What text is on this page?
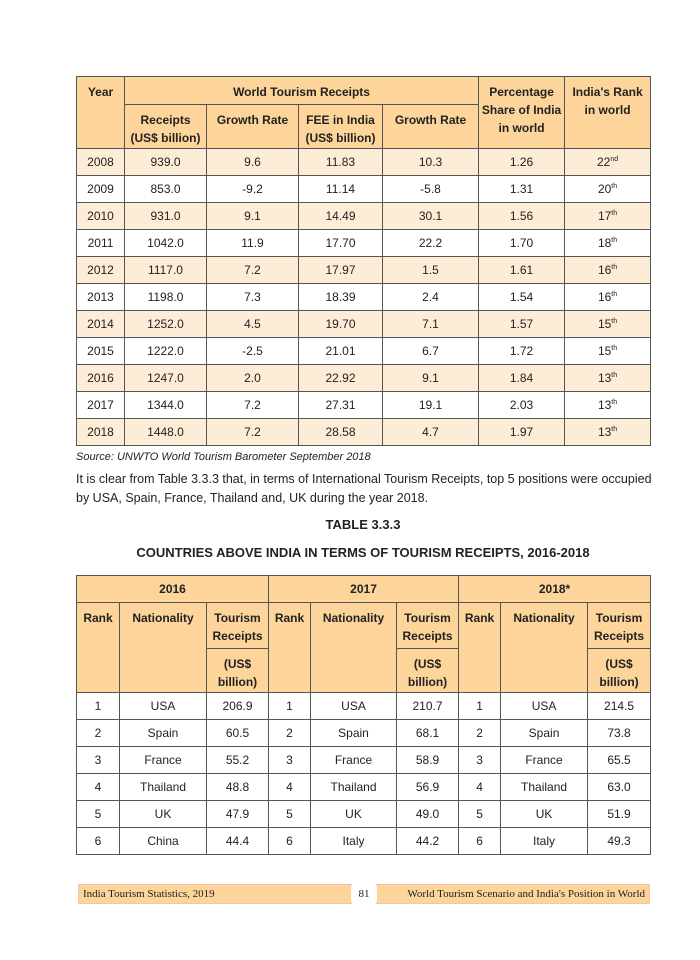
Year	World Tourism Receipts				Percentage Share of India in world	India's Rank in world
	Receipts (US$ billion)	Growth Rate	FEE in India (US$ billion)	Growth Rate		
2008	939.0	9.6	11.83	10.3	1.26	22nd
2009	853.0	-9.2	11.14	-5.8	1.31	20th
2010	931.0	9.1	14.49	30.1	1.56	17th
2011	1042.0	11.9	17.70	22.2	1.70	18th
2012	1117.0	7.2	17.97	1.5	1.61	16th
2013	1198.0	7.3	18.39	2.4	1.54	16th
2014	1252.0	4.5	19.70	7.1	1.57	15th
2015	1222.0	-2.5	21.01	6.7	1.72	15th
2016	1247.0	2.0	22.92	9.1	1.84	13th
2017	1344.0	7.2	27.31	19.1	2.03	13th
2018	1448.0	7.2	28.58	4.7	1.97	13th
Source: UNWTO World Tourism Barometer September 2018
It is clear from Table 3.3.3 that, in terms of International Tourism Receipts, top 5 positions were occupied by USA, Spain, France, Thailand and, UK during the year 2018.
TABLE 3.3.3
COUNTRIES ABOVE INDIA IN TERMS OF TOURISM RECEIPTS, 2016-2018
2016			2017			2018*		
Rank	Nationality	Tourism Receipts	Rank	Nationality	Tourism Receipts	Rank	Nationality	Tourism Receipts
		(US$ billion)			(US$ billion)			(US$ billion)
1	USA	206.9	1	USA	210.7	1	USA	214.5
2	Spain	60.5	2	Spain	68.1	2	Spain	73.8
3	France	55.2	3	France	58.9	3	France	65.5
4	Thailand	48.8	4	Thailand	56.9	4	Thailand	63.0
5	UK	47.9	5	UK	49.0	5	UK	51.9
6	China	44.4	6	Italy	44.2	6	Italy	49.3
India Tourism Statistics, 2019	81	World Tourism Scenario and India's Position in World
